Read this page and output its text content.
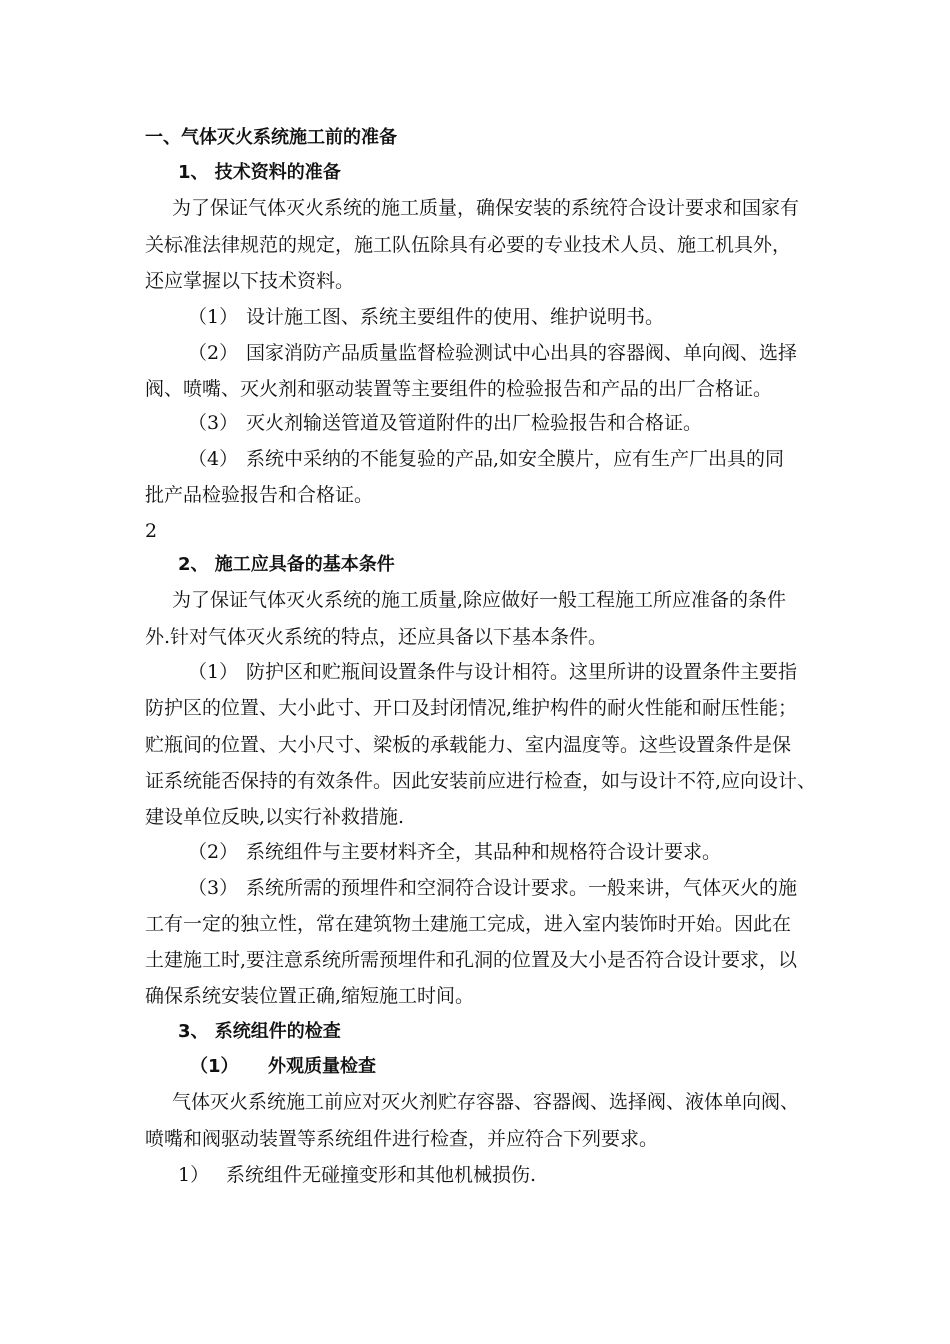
一、气体灭火系统施工前的准备
1、 技术资料的准备
为了保证气体灭火系统的施工质量，确保安装的系统符合设计要求和国家有
关标准法律规范的规定，施工队伍除具有必要的专业技术人员、施工机具外，
还应掌握以下技术资料。
（1） 设计施工图、系统主要组件的使用、维护说明书。
（2） 国家消防产品质量监督检验测试中心出具的容器阀、单向阀、选择
阀、喷嘴、灭火剂和驱动装置等主要组件的检验报告和产品的出厂合格证。
（3） 灭火剂输送管道及管道附件的出厂检验报告和合格证。
（4） 系统中采纳的不能复验的产品,如安全膜片，应有生产厂出具的同
批产品检验报告和合格证。
2
2、 施工应具备的基本条件
为了保证气体灭火系统的施工质量,除应做好一般工程施工所应准备的条件
外.针对气体灭火系统的特点，还应具备以下基本条件。
（1） 防护区和贮瓶间设置条件与设计相符。这里所讲的设置条件主要指
防护区的位置、大小此寸、开口及封闭情况,维护构件的耐火性能和耐压性能；
贮瓶间的位置、大小尺寸、梁板的承载能力、室内温度等。这些设置条件是保
证系统能否保持的有效条件。因此安装前应进行检查，如与设计不符,应向设计、
建设单位反映,以实行补救措施.
（2） 系统组件与主要材料齐全，其品种和规格符合设计要求。
（3） 系统所需的预埋件和空洞符合设计要求。一般来讲，气体灭火的施
工有一定的独立性，常在建筑物土建施工完成，进入室内装饰时开始。因此在
土建施工时,要注意系统所需预埋件和孔洞的位置及大小是否符合设计要求，以
确保系统安装位置正确,缩短施工时间。
3、 系统组件的检查
（1） 外观质量检查
气体灭火系统施工前应对灭火剂贮存容器、容器阀、选择阀、液体单向阀、
喷嘴和阀驱动装置等系统组件进行检查，并应符合下列要求。
1） 系统组件无碰撞变形和其他机械损伤.
